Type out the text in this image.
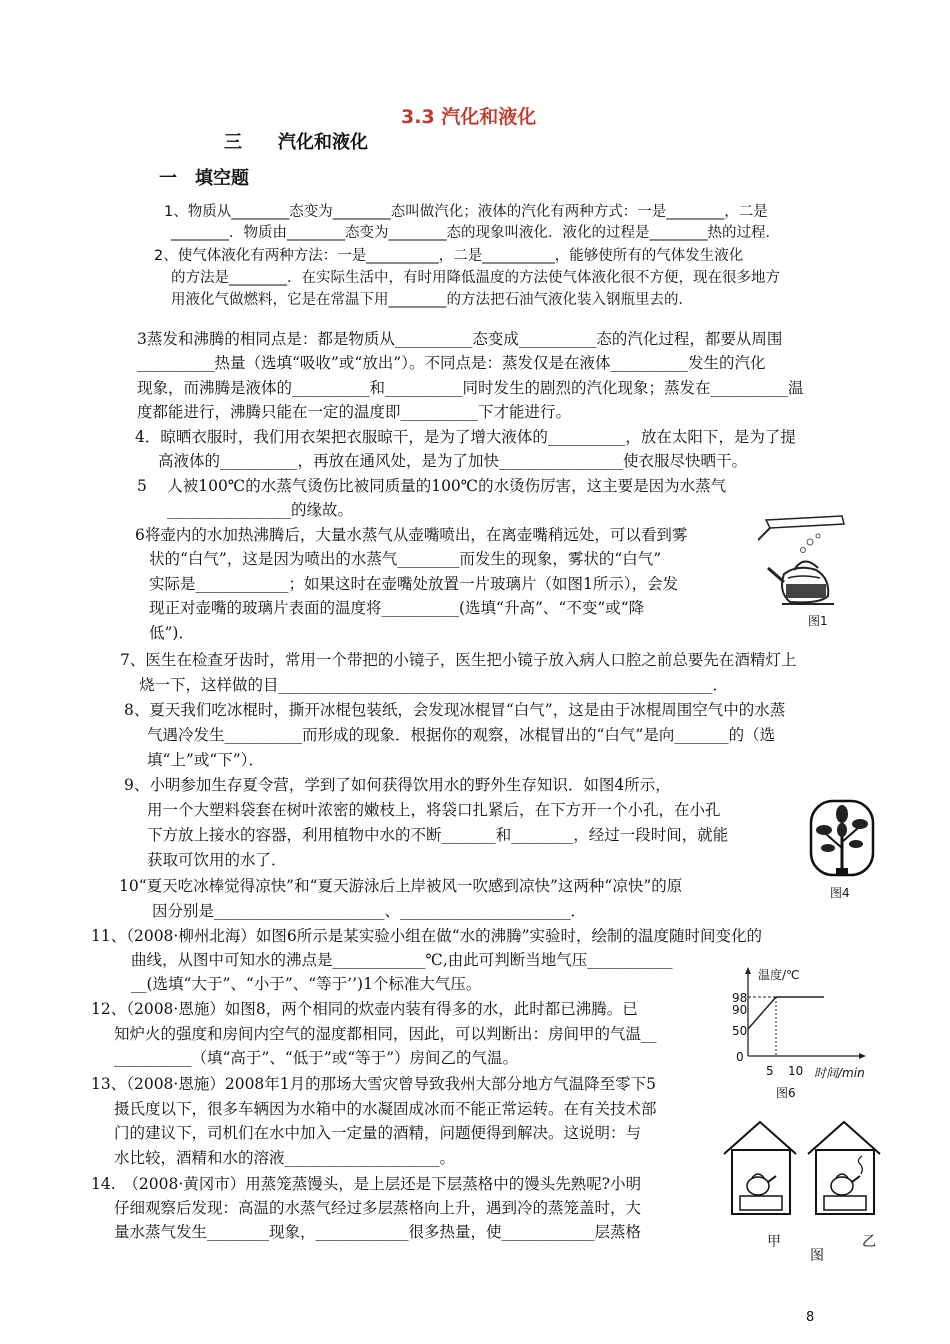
3.3 汽化和液化
三　　汽化和液化
一　填空题
1、物质从________态变为________态叫做汽化；液体的汽化有两种方式：一是________，二是
________．物质由________态变为________态的现象叫液化．液化的过程是________热的过程．
2、使气体液化有两种方法：一是__________，二是__________，能够使所有的气体发生液化
的方法是________．在实际生活中，有时用降低温度的方法使气体液化很不方便，现在很多地方
用液化气做燃料，它是在常温下用________的方法把石油气液化装入钢瓶里去的．
3蒸发和沸腾的相同点是：都是物质从__________态变成__________态的汽化过程，都要从周围
__________热量（选填“吸收”或“放出”）。不同点是：蒸发仅是在液体__________发生的汽化
现象，而沸腾是液体的__________和__________同时发生的剧烈的汽化现象；蒸发在__________温
度都能进行，沸腾只能在一定的温度即__________下才能进行。
4．晾晒衣服时，我们用衣架把衣服晾干，是为了增大液体的__________，放在太阳下，是为了提
高液体的__________，再放在通风处，是为了加快________________使衣服尽快晒干。
5　 人被100℃的水蒸气烫伤比被同质量的100℃的水烫伤厉害，这主要是因为水蒸气
________________的缘故。
6将壶内的水加热沸腾后，大量水蒸气从壶嘴喷出，在离壶嘴稍远处，可以看到雾
状的“白气”，这是因为喷出的水蒸气________而发生的现象，雾状的“白气”
实际是____________；如果这时在壶嘴处放置一片玻璃片（如图1所示），会发
现正对壶嘴的玻璃片表面的温度将__________(选填“升高”、“不变”或“降
低”)．
7、医生在检查牙齿时，常用一个带把的小镜子，医生把小镜子放入病人口腔之前总要先在酒精灯上
烧一下，这样做的目________________________________________________________．
8、夏天我们吃冰棍时，撕开冰棍包装纸，会发现冰棍冒“白气”，这是由于冰棍周围空气中的水蒸
气遇冷发生__________而形成的现象．根据你的观察，冰棍冒出的“白气”是向_______的（选
填“上”或“下”）．
9、小明参加生存夏令营，学到了如何获得饮用水的野外生存知识．如图4所示，
用一个大塑料袋套在树叶浓密的嫩枝上，将袋口扎紧后，在下方开一个小孔，在小孔
下方放上接水的容器，利用植物中水的不断_______和________，经过一段时间，就能
获取可饮用的水了．
10“夏天吃冰棒觉得凉快”和“夏天游泳后上岸被风一吹感到凉快”这两种“凉快”的原
因分别是______________________、______________________．
11、（2008·柳州北海）如图6所示是某实验小组在做“水的沸腾”实验时，绘制的温度随时间变化的
曲线，从图中可知水的沸点是____________℃,由此可判断当地气压___________
__(选填“大于”、“小于”、“等于’’)1个标准大气压。
12、（2008·恩施）如图8，两个相同的炊壶内装有得多的水，此时都已沸腾。已
知炉火的强度和房间内空气的湿度都相同，因此，可以判断出：房间甲的气温__
__________（填“高于”、“低于”或“等于”）房间乙的气温。
13、（2008·恩施）2008年1月的那场大雪灾曾导致我州大部分地方气温降至零下5
摄氏度以下，很多车辆因为水箱中的水凝固成冰而不能正常运转。在有关技术部
门的建议下，司机们在水中加入一定量的酒精，问题便得到解决。这说明：与
水比较，酒精和水的溶液____________________。
14.　（2008·黄冈市）用蒸笼蒸馒头，是上层还是下层蒸格中的馒头先熟呢?小明
仔细观察后发现：高温的水蒸气经过多层蒸格向上升，遇到冷的蒸笼盖时，大
量水蒸气发生________现象，____________很多热量，使____________层蒸格
图1
图4
温度/℃
98
90
50
0
5 10 时间/min
图6
甲	乙
图
8
